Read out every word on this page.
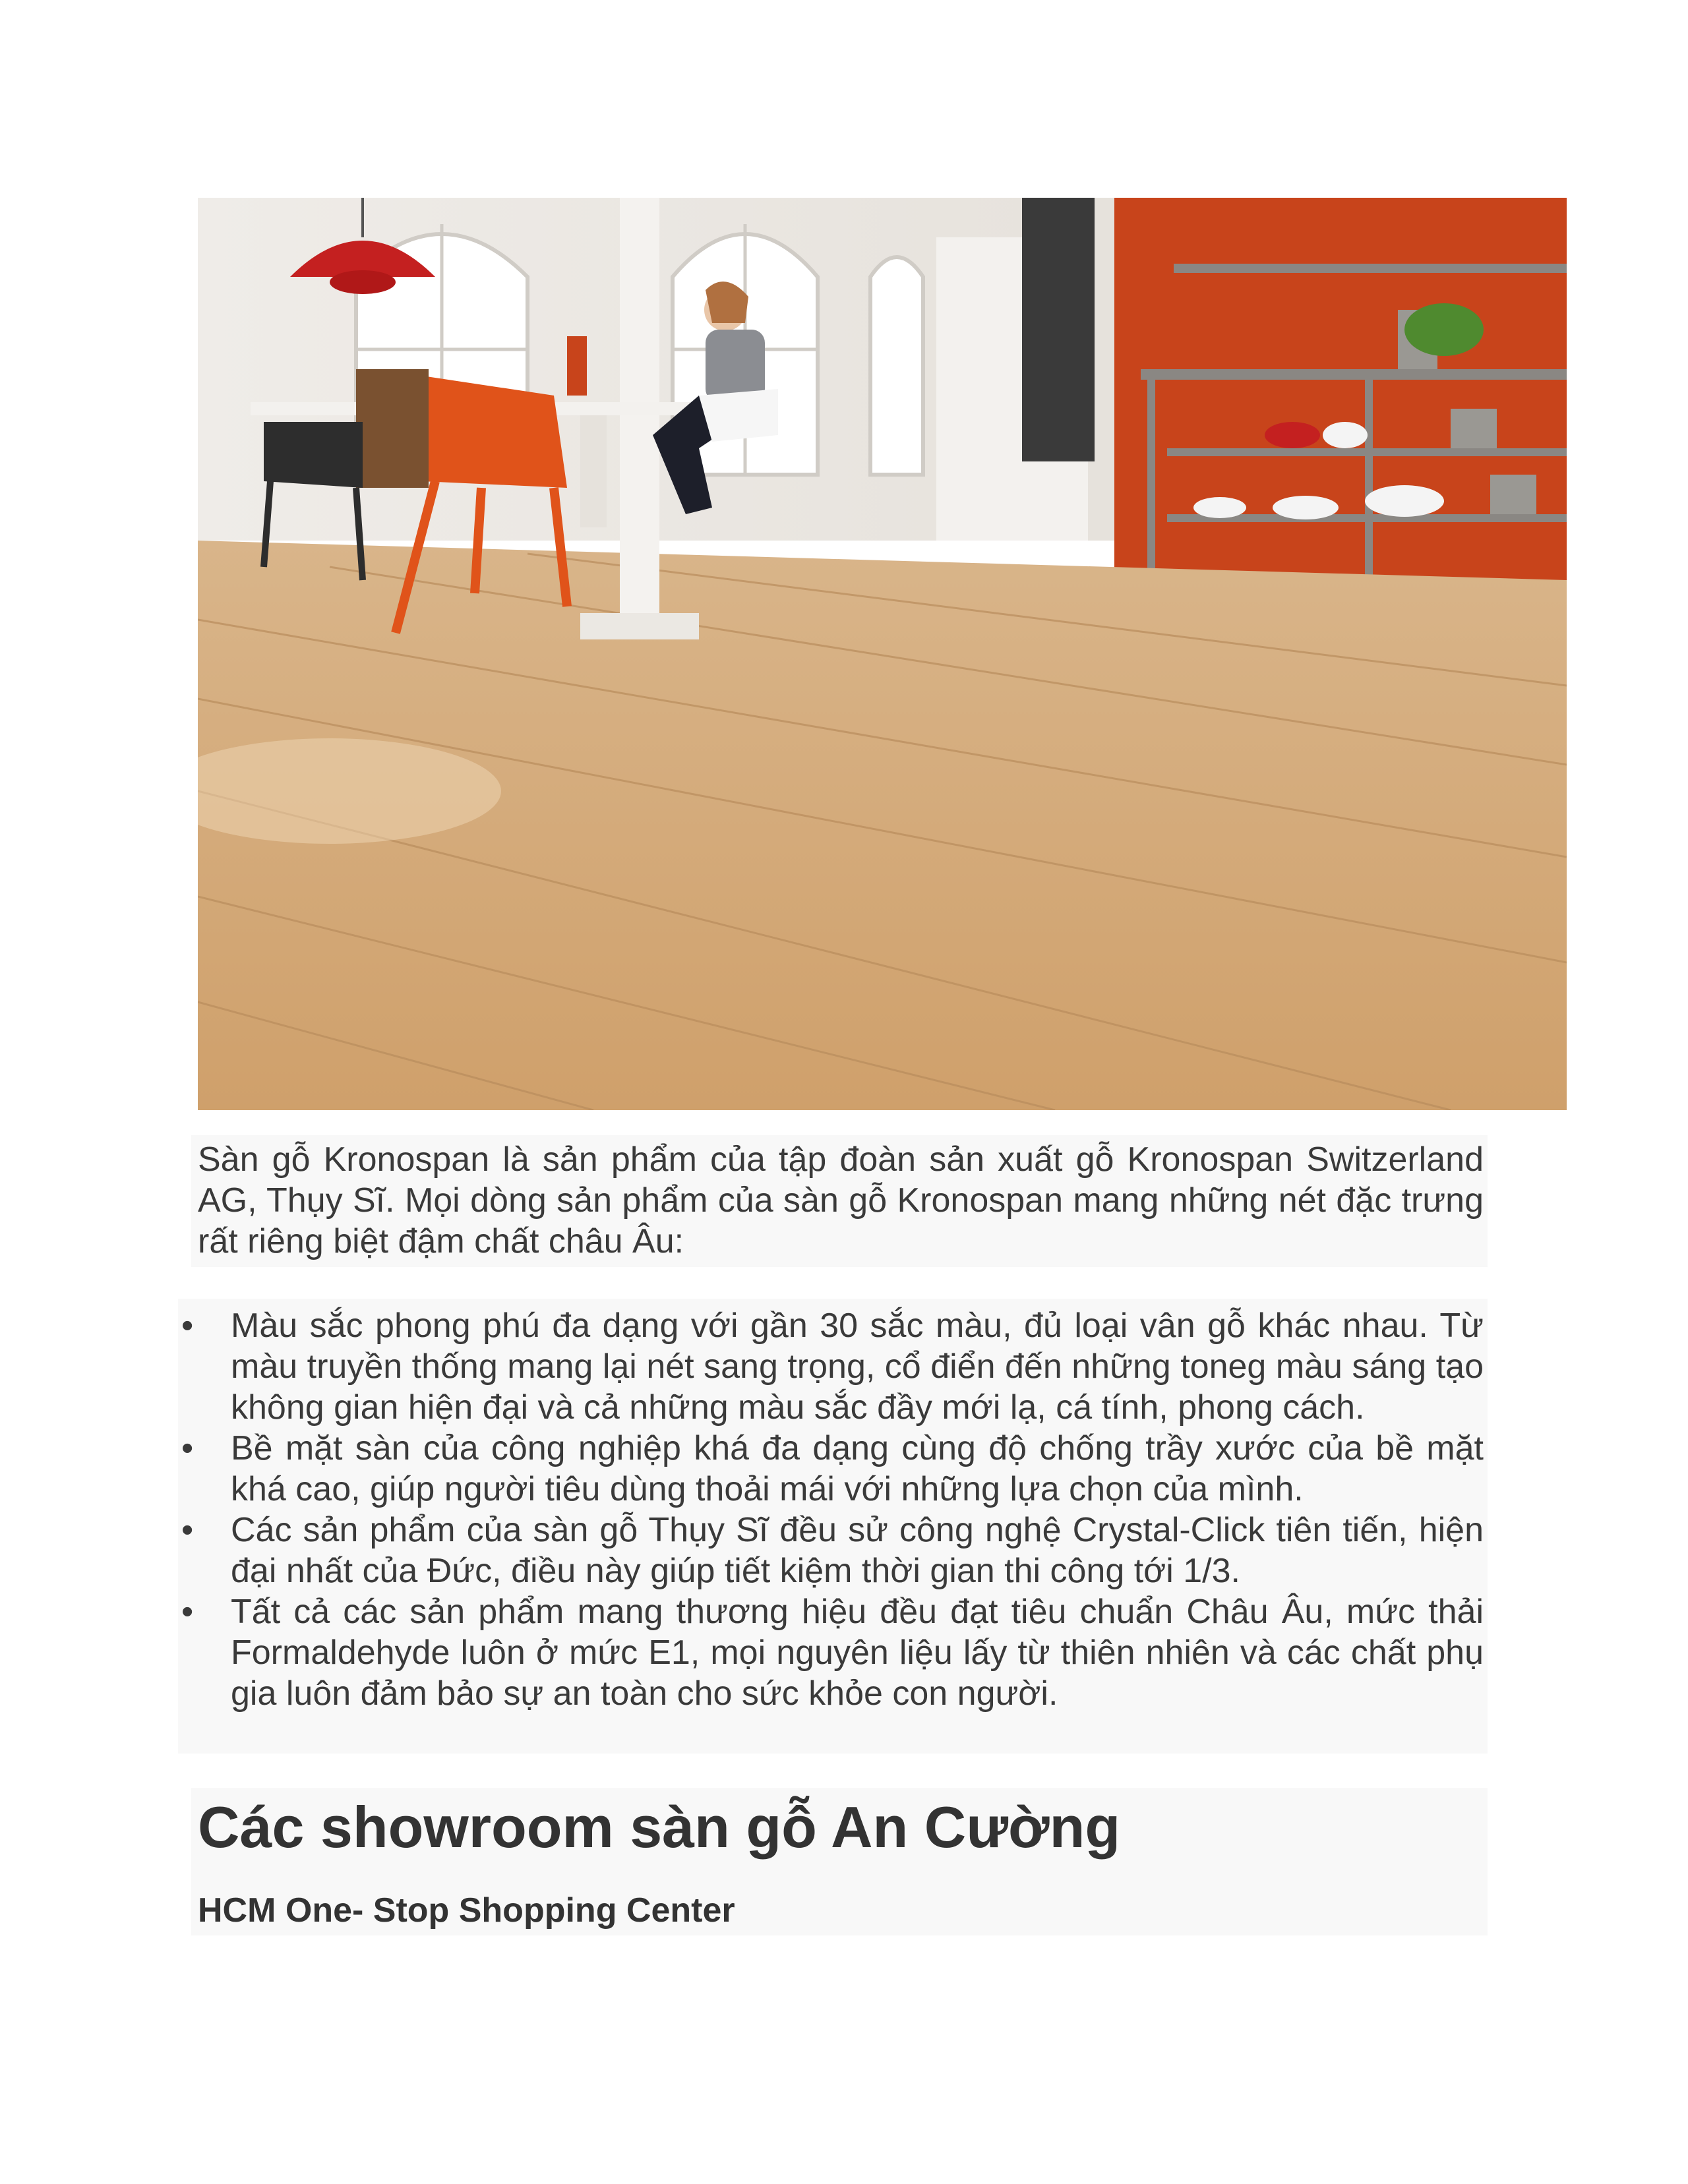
Sàn gỗ Kronospan là sản phẩm của tập đoàn sản xuất gỗ Kronospan Switzerland AG, Thụy Sĩ. Mọi dòng sản phẩm của sàn gỗ Kronospan mang những nét đặc trưng rất riêng biệt đậm chất châu Âu:

• Màu sắc phong phú đa dạng với gần 30 sắc màu, đủ loại vân gỗ khác nhau. Từ màu truyền thống mang lại nét sang trọng, cổ điển đến những toneg màu sáng tạo không gian hiện đại và cả những màu sắc đầy mới lạ, cá tính, phong cách.
• Bề mặt sàn của công nghiệp khá đa dạng cùng độ chống trầy xước của bề mặt khá cao, giúp người tiêu dùng thoải mái với những lựa chọn của mình.
• Các sản phẩm của sàn gỗ Thụy Sĩ đều sử công nghệ Crystal-Click tiên tiến, hiện đại nhất của Đức, điều này giúp tiết kiệm thời gian thi công tới 1/3.
• Tất cả các sản phẩm mang thương hiệu đều đạt tiêu chuẩn Châu Âu, mức thải Formaldehyde luôn ở mức E1, mọi nguyên liệu lấy từ thiên nhiên và các chất phụ gia luôn đảm bảo sự an toàn cho sức khỏe con người.
Các showroom sàn gỗ An Cường
HCM One- Stop Shopping Center
